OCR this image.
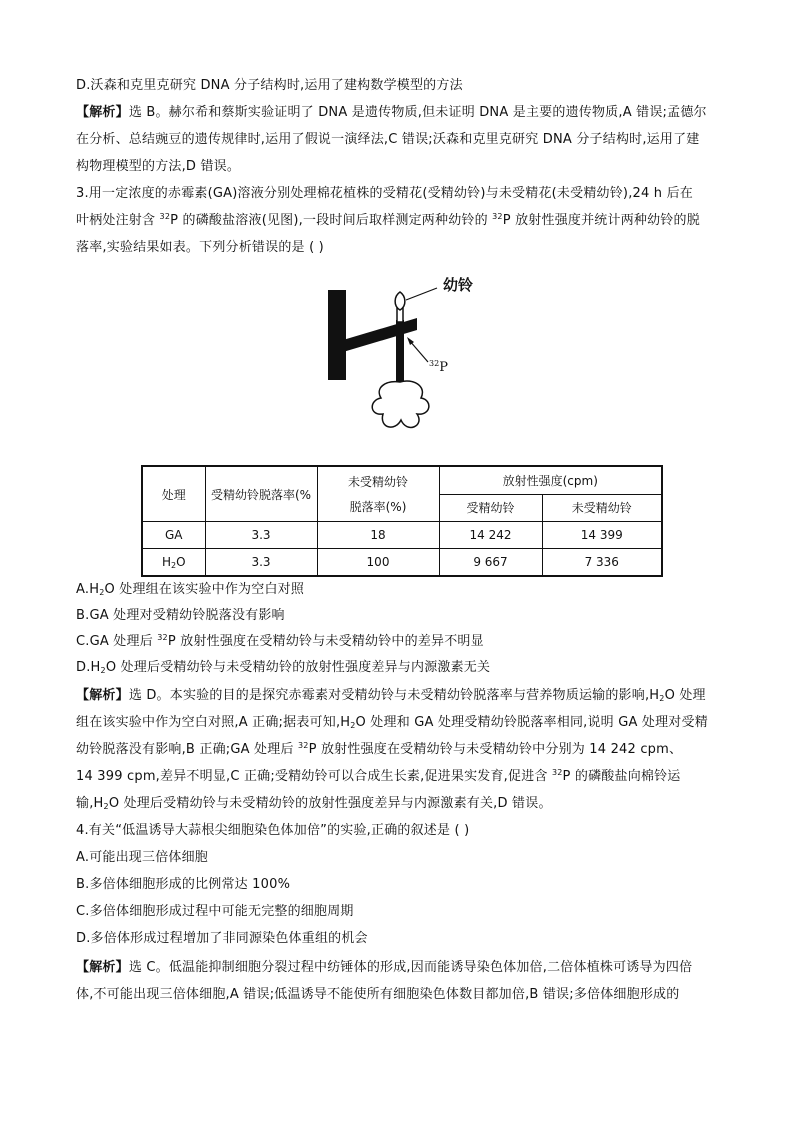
D.沃森和克里克研究 DNA 分子结构时,运用了建构数学模型的方法
【解析】选 B。赫尔希和蔡斯实验证明了 DNA 是遗传物质,但未证明 DNA 是主要的遗传物质,A 错误;孟德尔
在分析、总结豌豆的遗传规律时,运用了假说一演绎法,C 错误;沃森和克里克研究 DNA 分子结构时,运用了建
构物理模型的方法,D 错误。
3.用一定浓度的赤霉素(GA)溶液分别处理棉花植株的受精花(受精幼铃)与未受精花(未受精幼铃),24 h 后在
叶柄处注射含 $^{32}$P 的磷酸盐溶液(见图),一段时间后取样测定两种幼铃的 $^{32}$P 放射性强度并统计两种幼铃的脱
落率,实验结果如表。下列分析错误的是 ( )
幼铃
$^{32}$P
处理	受精幼铃脱落率(%	未受精幼铃
脱落率(%)	放射性强度(cpm)	
			受精幼铃	未受精幼铃
GA	3.3	18	14 242	14 399
$H_2O$	3.3	100	9 667	7 336
$A.H_2O$ 处理组在该实验中作为空白对照
B.GA 处理对受精幼铃脱落没有影响
C.GA 处理后 $^{32}$P 放射性强度在受精幼铃与未受精幼铃中的差异不明显
$D.H_2O$ 处理后受精幼铃与未受精幼铃的放射性强度差异与内源激素无关
【解析】选 D。本实验的目的是探究赤霉素对受精幼铃与未受精幼铃脱落率与营养物质运输的影响$,H_2O$ 处理
组在该实验中作为空白对照,A 正确;据表可知$,H_2O$ 处理和 GA 处理受精幼铃脱落率相同,说明 GA 处理对受精
幼铃脱落没有影响,B 正确;GA 处理后 $^{32}$P 放射性强度在受精幼铃与未受精幼铃中分别为 14 242 cpm、
14 399 cpm,差异不明显,C 正确;受精幼铃可以合成生长素,促进果实发育,促进含 $^{32}$P 的磷酸盐向棉铃运
输$,H_2O$ 处理后受精幼铃与未受精幼铃的放射性强度差异与内源激素有关,D 错误。
4.有关“低温诱导大蒜根尖细胞染色体加倍”的实验,正确的叙述是 ( )
A.可能出现三倍体细胞
B.多倍体细胞形成的比例常达 100%
C.多倍体细胞形成过程中可能无完整的细胞周期
D.多倍体形成过程增加了非同源染色体重组的机会
【解析】选 C。低温能抑制细胞分裂过程中纺锤体的形成,因而能诱导染色体加倍,二倍体植株可诱导为四倍
体,不可能出现三倍体细胞,A 错误;低温诱导不能使所有细胞染色体数目都加倍,B 错误;多倍体细胞形成的
